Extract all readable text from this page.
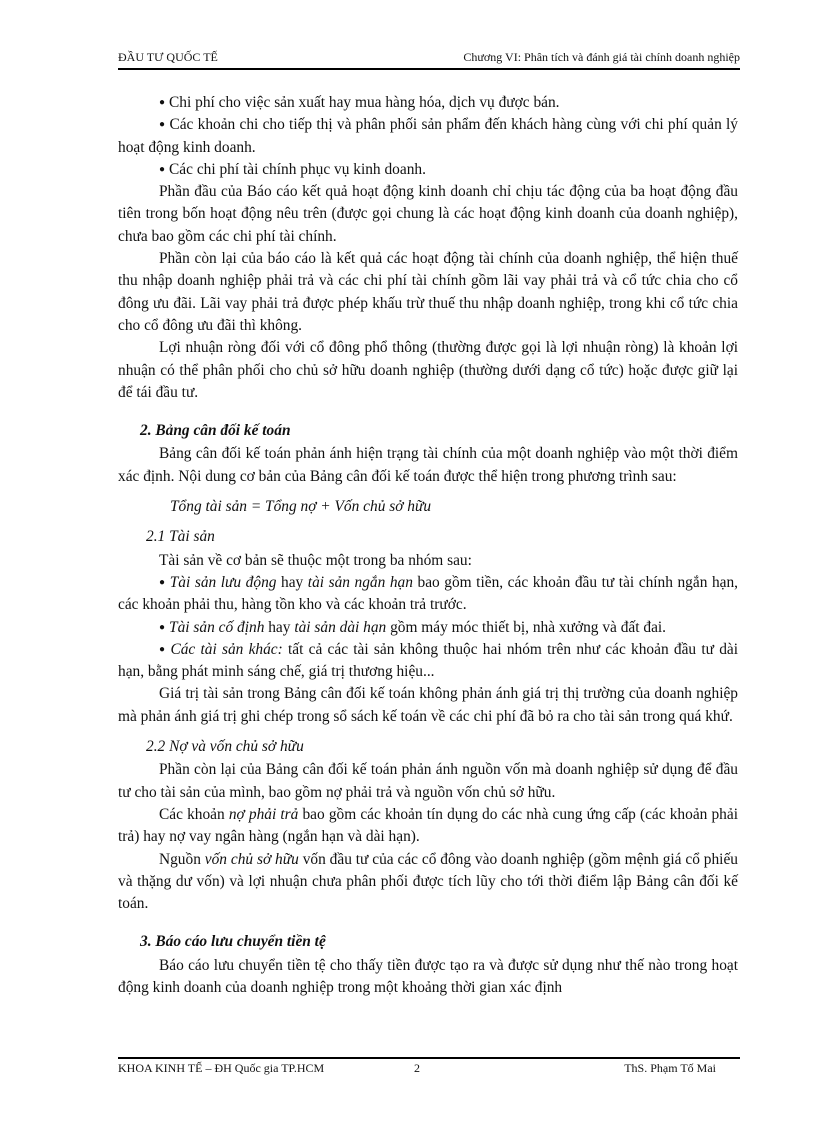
ĐẦU TƯ QUỐC TẾ	Chương VI: Phân tích và đánh giá tài chính doanh nghiệp

● Chi phí cho việc sản xuất hay mua hàng hóa, dịch vụ được bán.

● Các khoản chi cho tiếp thị và phân phối sản phẩm đến khách hàng cùng với chi phí quản lý hoạt động kinh doanh.

● Các chi phí tài chính phục vụ kinh doanh.

Phần đầu của Báo cáo kết quả hoạt động kinh doanh chỉ chịu tác động của ba hoạt động đầu tiên trong bốn hoạt động nêu trên (được gọi chung là các hoạt động kinh doanh của doanh nghiệp), chưa bao gồm các chi phí tài chính.

Phần còn lại của báo cáo là kết quả các hoạt động tài chính của doanh nghiệp, thể hiện thuế thu nhập doanh nghiệp phải trả và các chi phí tài chính gồm lãi vay phải trả và cổ tức chia cho cổ đông ưu đãi. Lãi vay phải trả được phép khấu trừ thuế thu nhập doanh nghiệp, trong khi cổ tức chia cho cổ đông ưu đãi thì không.

Lợi nhuận ròng đối với cổ đông phổ thông (thường được gọi là lợi nhuận ròng) là khoản lợi nhuận có thể phân phối cho chủ sở hữu doanh nghiệp (thường dưới dạng cổ tức) hoặc được giữ lại để tái đầu tư.

2. Bảng cân đối kế toán

Bảng cân đối kế toán phản ánh hiện trạng tài chính của một doanh nghiệp vào một thời điểm xác định. Nội dung cơ bản của Bảng cân đối kế toán được thể hiện trong phương trình sau:

Tổng tài sản = Tổng nợ + Vốn chủ sở hữu

2.1 Tài sản

Tài sản về cơ bản sẽ thuộc một trong ba nhóm sau:

● Tài sản lưu động hay tài sản ngắn hạn bao gồm tiền, các khoản đầu tư tài chính ngắn hạn, các khoản phải thu, hàng tồn kho và các khoản trả trước.

● Tài sản cố định hay tài sản dài hạn gồm máy móc thiết bị, nhà xưởng và đất đai.

● Các tài sản khác: tất cả các tài sản không thuộc hai nhóm trên như các khoản đầu tư dài hạn, bằng phát minh sáng chế, giá trị thương hiệu...

Giá trị tài sản trong Bảng cân đối kế toán không phản ánh giá trị thị trường của doanh nghiệp mà phản ánh giá trị ghi chép trong sổ sách kế toán về các chi phí đã bỏ ra cho tài sản trong quá khứ.

2.2 Nợ và vốn chủ sở hữu

Phần còn lại của Bảng cân đối kế toán phản ánh nguồn vốn mà doanh nghiệp sử dụng để đầu tư cho tài sản của mình, bao gồm nợ phải trả và nguồn vốn chủ sở hữu.

Các khoản nợ phải trả bao gồm các khoản tín dụng do các nhà cung ứng cấp (các khoản phải trả) hay nợ vay ngân hàng (ngắn hạn và dài hạn).

Nguồn vốn chủ sở hữu vốn đầu tư của các cổ đông vào doanh nghiệp (gồm mệnh giá cổ phiếu và thặng dư vốn) và lợi nhuận chưa phân phối được tích lũy cho tới thời điểm lập Bảng cân đối kế toán.

3. Báo cáo lưu chuyển tiền tệ

Báo cáo lưu chuyển tiền tệ cho thấy tiền được tạo ra và được sử dụng như thế nào trong hoạt động kinh doanh của doanh nghiệp trong một khoảng thời gian xác định

KHOA KINH TẾ – ĐH Quốc gia TP.HCM	2	ThS. Phạm Tố Mai
